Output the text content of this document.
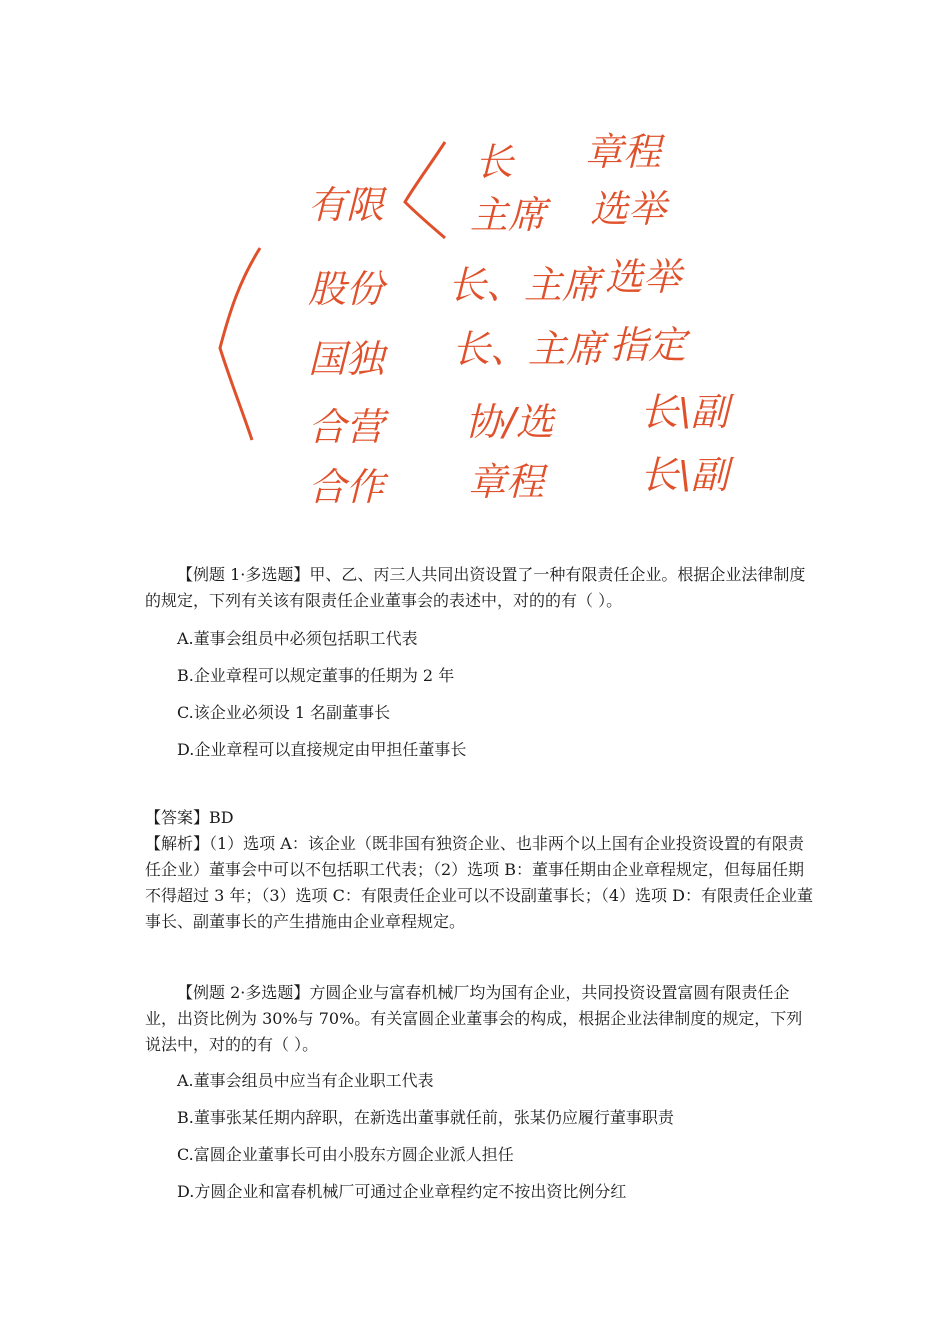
有限
长 章程
主席 选举
股份 长、主席 选举
国独 长、主席 指定
合营 协/选 长\副
合作 章程	长\副
【例题 1·多选题】甲、乙、丙三人共同出资设置了一种有限责任企业。根据企业法律制度的规定，下列有关该有限责任企业董事会的表述中，对的的有（ ）。
A.董事会组员中必须包括职工代表
B.企业章程可以规定董事的任期为 2 年
C.该企业必须设 1 名副董事长
D.企业章程可以直接规定由甲担任董事长
【答案】BD
【解析】（1）选项 A：该企业（既非国有独资企业、也非两个以上国有企业投资设置的有限责任企业）董事会中可以不包括职工代表；（2）选项 B：董事任期由企业章程规定，但每届任期不得超过 3 年；（3）选项 C：有限责任企业可以不设副董事长；（4）选项 D：有限责任企业董事长、副董事长的产生措施由企业章程规定。
【例题 2·多选题】方圆企业与富春机械厂均为国有企业，共同投资设置富圆有限责任企业，出资比例为 30%与 70%。有关富圆企业董事会的构成，根据企业法律制度的规定，下列说法中，对的的有（ ）。
A.董事会组员中应当有企业职工代表
B.董事张某任期内辞职，在新选出董事就任前，张某仍应履行董事职责
C.富圆企业董事长可由小股东方圆企业派人担任
D.方圆企业和富春机械厂可通过企业章程约定不按出资比例分红
